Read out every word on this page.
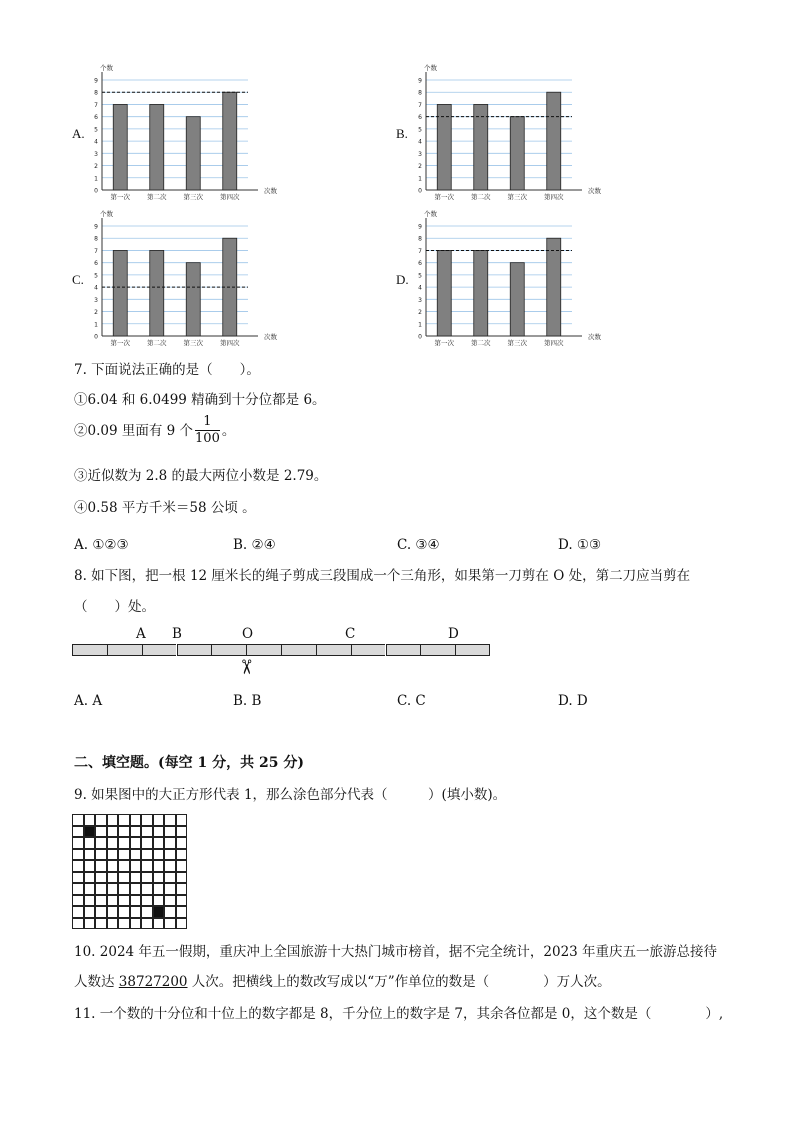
A.
0
1
2
3
4
5
6
7
8
9
个数
次数
第一次	第二次	第三次	第四次
B.
0
1
2
3
4
5
6
7
8
9
个数
次数
第一次	第二次	第三次	第四次
C.
0
1
2
3
4
5
6
7
8
9
个数
次数
第一次	第二次	第三次	第四次
D.
0
1
2
3
4
5
6
7
8
9
个数
次数
第一次	第二次	第三次	第四次
7. 下面说法正确的是（　　）。
①6.04 和 6.0499 精确到十分位都是 6。
②0.09 里面有 9 个 $\frac{1}{100}$ 。
③近似数为 2.8 的最大两位小数是 2.79。
④0.58 平方千米＝58 公顷 。
A. ①②③	B. ②④	C. ③④	D. ①③
8. 如下图，把一根 12 厘米长的绳子剪成三段围成一个三角形，如果第一刀剪在 O 处，第二刀应当剪在
（　　）处。
A B	O	C	D
✂
A. A	B. B	C. C	D. D
二、填空题。(每空 1 分，共 25 分)
9. 如果图中的大正方形代表 1，那么涂色部分代表（　　　）(填小数)。
10. 2024 年五一假期，重庆冲上全国旅游十大热门城市榜首，据不完全统计，2023 年重庆五一旅游总接待
人数达 38727200 人次。把横线上的数改写成以“万”作单位的数是（　　　　）万人次。
11. 一个数的十分位和十位上的数字都是 8，千分位上的数字是 7，其余各位都是 0，这个数是（　　　　）,
